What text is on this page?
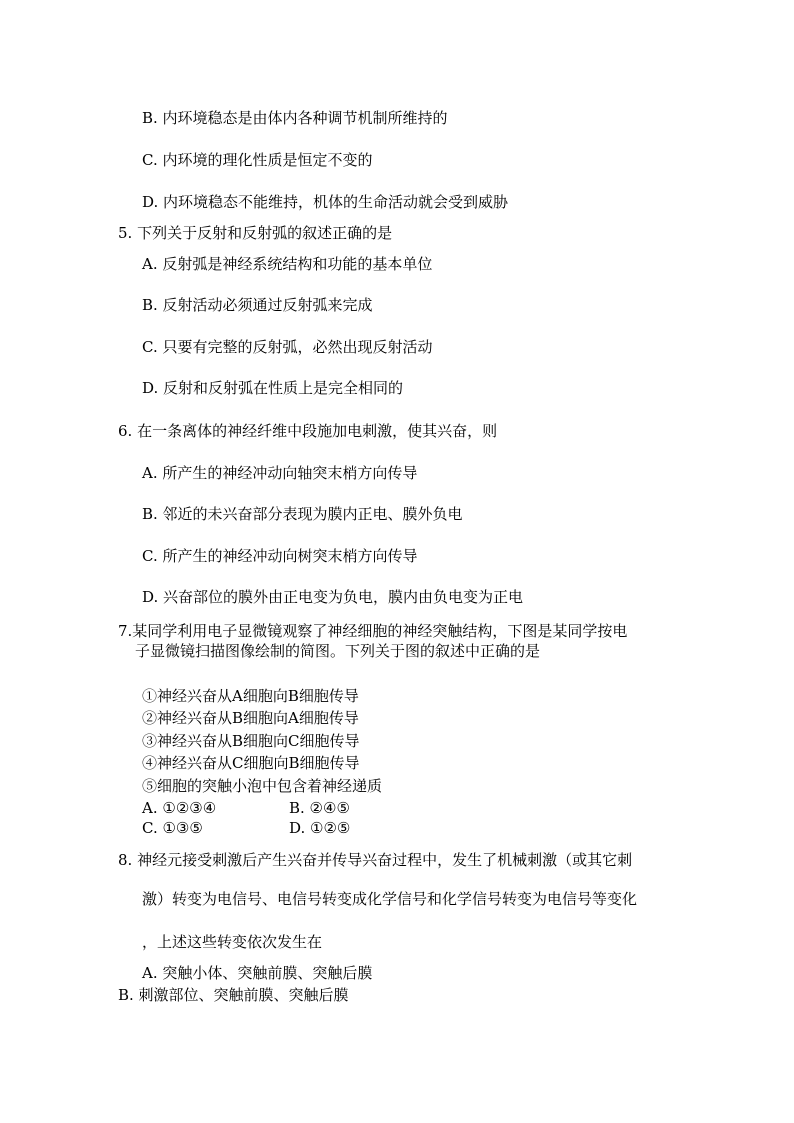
B. 内环境稳态是由体内各种调节机制所维持的
C. 内环境的理化性质是恒定不变的
D. 内环境稳态不能维持，机体的生命活动就会受到威胁
5. 下列关于反射和反射弧的叙述正确的是
A. 反射弧是神经系统结构和功能的基本单位
B. 反射活动必须通过反射弧来完成
C. 只要有完整的反射弧，必然出现反射活动
D. 反射和反射弧在性质上是完全相同的
6. 在一条离体的神经纤维中段施加电刺激，使其兴奋，则
A. 所产生的神经冲动向轴突末梢方向传导
B. 邻近的未兴奋部分表现为膜内正电、膜外负电
C. 所产生的神经冲动向树突末梢方向传导
D. 兴奋部位的膜外由正电变为负电，膜内由负电变为正电
7.某同学利用电子显微镜观察了神经细胞的神经突触结构，下图是某同学按电
子显微镜扫描图像绘制的简图。下列关于图的叙述中正确的是
①神经兴奋从A细胞向B细胞传导
②神经兴奋从B细胞向A细胞传导
③神经兴奋从B细胞向C细胞传导
④神经兴奋从C细胞向B细胞传导
⑤细胞的突触小泡中包含着神经递质
A. ①②③④	B. ②④⑤
C. ①③⑤	D. ①②⑤
8. 神经元接受刺激后产生兴奋并传导兴奋过程中，发生了机械刺激（或其它刺
激）转变为电信号、电信号转变成化学信号和化学信号转变为电信号等变化
，上述这些转变依次发生在
A. 突触小体、突触前膜、突触后膜
B. 刺激部位、突触前膜、突触后膜
